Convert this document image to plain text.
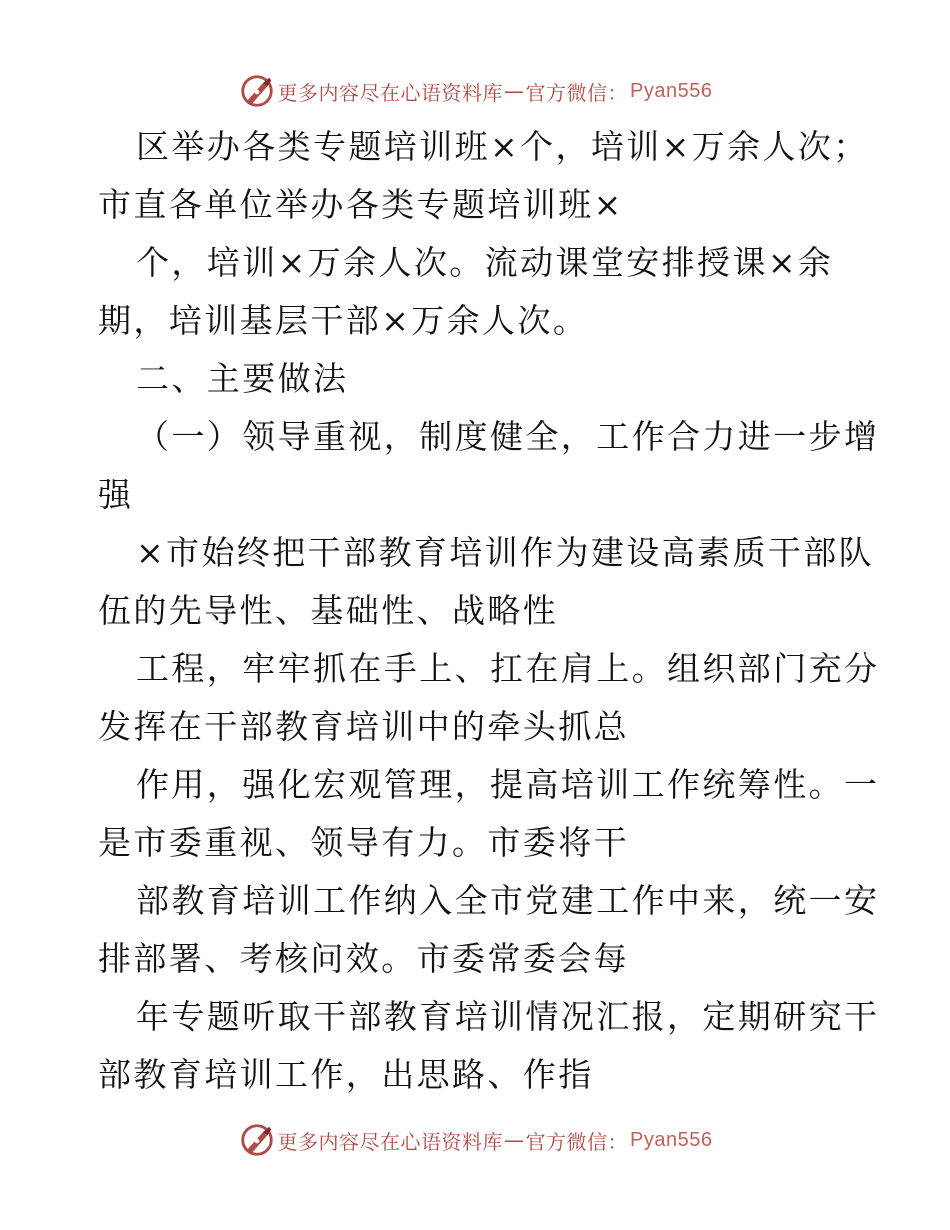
更多内容尽在心语资料库 — 官方微信： Pyan556
区举办各类专题培训班×个，培训×万余人次；
市直各单位举办各类专题培训班×
个，培训×万余人次。流动课堂安排授课×余
期，培训基层干部×万余人次。
二、主要做法
（一）领导重视，制度健全，工作合力进一步增
强
×市始终把干部教育培训作为建设高素质干部队
伍的先导性、基础性、战略性
工程，牢牢抓在手上、扛在肩上。组织部门充分
发挥在干部教育培训中的牵头抓总
作用，强化宏观管理，提高培训工作统筹性。一
是市委重视、领导有力。市委将干
部教育培训工作纳入全市党建工作中来，统一安
排部署、考核问效。市委常委会每
年专题听取干部教育培训情况汇报，定期研究干
部教育培训工作，出思路、作指
更多内容尽在心语资料库 — 官方微信： Pyan556
